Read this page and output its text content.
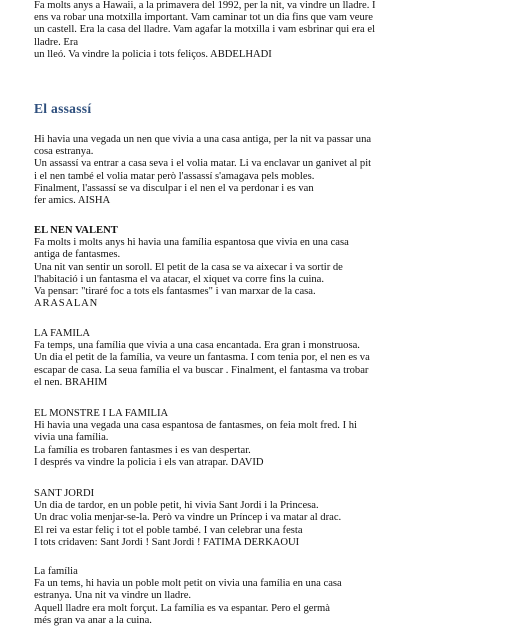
Fa molts anys a Hawaii, a la primavera del 1992, per la nit, va vindre un lladre. I

ens va robar una motxilla important. Vam caminar tot un dia fins que vam veure

un castell. Era la casa del lladre. Vam agafar la motxilla i vam esbrinar qui era el

lladre. Era

un lleó. Va vindre la policia i tots feliços. ABDELHADI

El assassí

Hi havia una vegada un nen que vivia a una casa antiga, per la nit va passar una

cosa estranya.

Un assassí va entrar a casa seva i el volia matar. Li va enclavar un ganivet al pit

i el nen també el volia matar però l'assassí s'amagava pels mobles.

Finalment, l'assassí se va disculpar i el nen el va perdonar i es van

fer amics. AISHA

EL NEN VALENT

Fa molts i molts anys hi havia una família espantosa que vivia en una casa

antiga de fantasmes.

Una nit van sentir un soroll. El petit de la casa se va aixecar i va sortir de

l'habitació i un fantasma el va atacar, el xiquet va corre fins la cuina.

Va pensar: "tiraré foc a tots els fantasmes" i van marxar de la casa.

ARASALAN

LA FAMILA

Fa temps, una família que vivia a una casa encantada. Era gran i monstruosa.

Un dia el petit de la família, va veure un fantasma. I com tenia por, el nen es va

escapar de casa. La seua família el va buscar . Finalment, el fantasma va trobar

el nen. BRAHIM

EL MONSTRE I LA FAMILIA

Hi havia una vegada una casa espantosa de fantasmes, on feia molt fred. I hi

vivia una família.

La família es trobaren fantasmes i es van despertar.

I després va vindre la policia i els van atrapar. DAVID

SANT JORDI

Un dia de tardor, en un poble petit, hi vivia Sant Jordi i la Princesa.

Un drac volia menjar-se-la. Però va vindre un Príncep i va matar al drac.

El rei va estar feliç i tot el poble també. I van celebrar una festa

I tots cridaven: Sant Jordi ! Sant Jordi ! FATIMA DERKAOUI

La família

Fa un tems, hi havia un poble molt petit on vivia una família en una casa

estranya. Una nit va vindre un lladre.

Aquell lladre era molt forçut. La família es va espantar. Pero el germà

més gran va anar a la cuina.
